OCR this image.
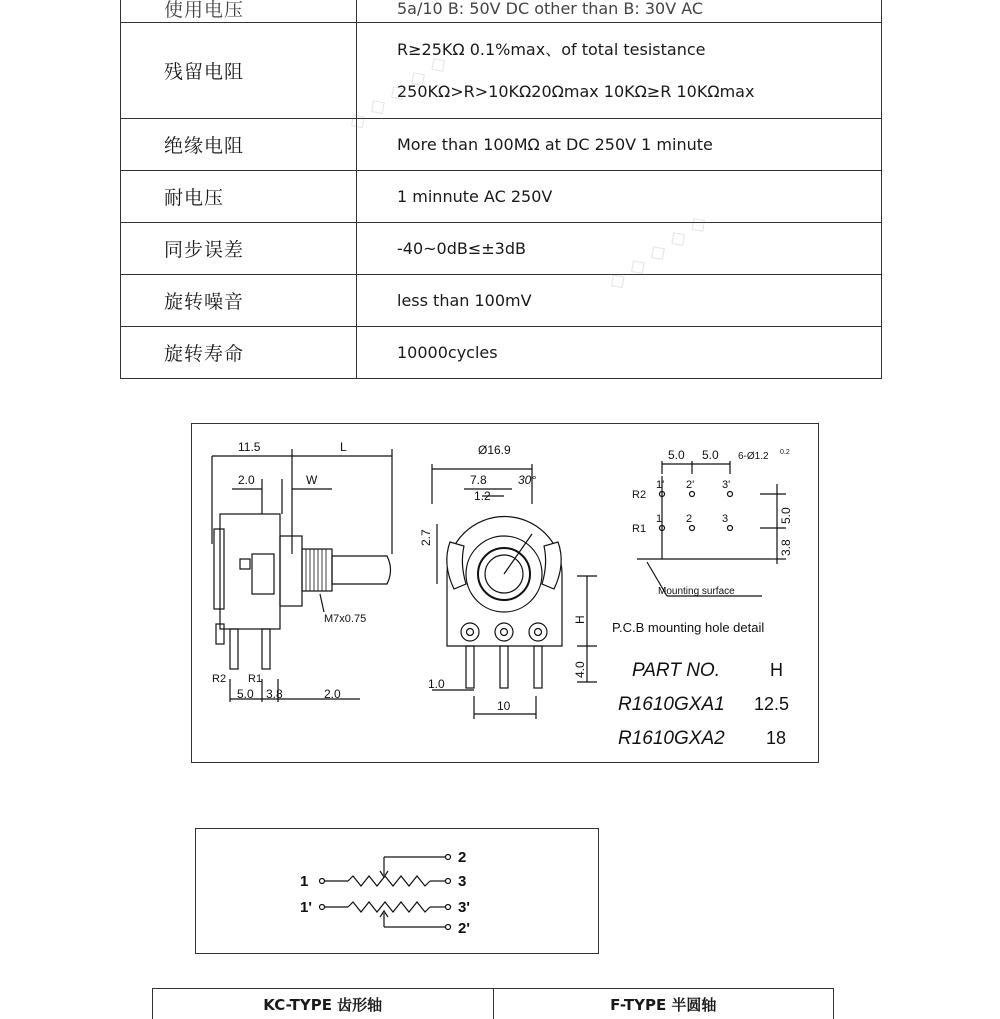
使用电压	5a/10 B: 50V DC other than B: 30V AC

残留电阻	R≥25KΩ 0.1%max、of total tesistance
250KΩ>R>10KΩ20Ωmax 10KΩ≥R 10KΩmax

绝缘电阻	More than 100MΩ at DC 250V 1 minute

耐电压	1 minnute AC 250V

同步误差	-40~0dB≤±3dB

旋转噪音	less than 100mV

旋转寿命	10000cycles
11.5	L
2.0	W
M7x0.75
R2 R1
5.0 3.8	2.0
Ø16.9
7.8	30°
1.2
2.7
H
4.0
1.0
10
5.0 5.0 6-Ø1.2 0.2
R2
R1
1' 2'	3'
1 2	3	5.0
3.8
Mounting surface
P.C.B mounting hole detail
PART NO.	H
R1610GXA1 12.5
R1610GXA2 18
2
1	3
1'	3'
2'
KC-TYPE 齿形轴	F-TYPE 半圆轴
◇ ◇ ◇ ◇ ◇
◇ ◇ ◇ ◇ ◇
